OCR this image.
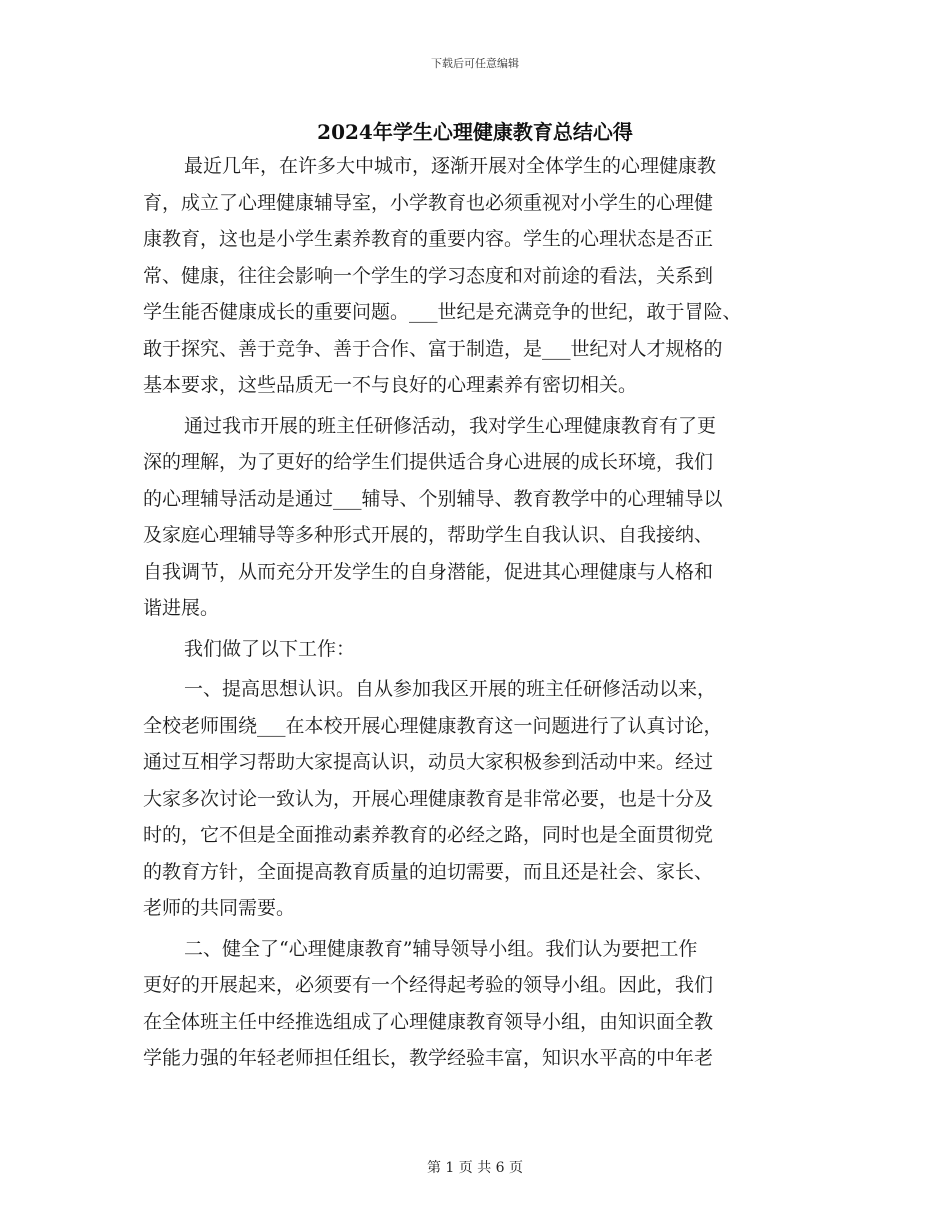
下载后可任意编辑
2024年学生心理健康教育总结心得
最近几年，在许多大中城市，逐渐开展对全体学生的心理健康教
育，成立了心理健康辅导室，小学教育也必须重视对小学生的心理健
康教育，这也是小学生素养教育的重要内容。学生的心理状态是否正
常、健康，往往会影响一个学生的学习态度和对前途的看法，关系到
学生能否健康成长的重要问题。___世纪是充满竞争的世纪，敢于冒险、
敢于探究、善于竞争、善于合作、富于制造，是___世纪对人才规格的
基本要求，这些品质无一不与良好的心理素养有密切相关。
通过我市开展的班主任研修活动，我对学生心理健康教育有了更
深的理解，为了更好的给学生们提供适合身心进展的成长环境，我们
的心理辅导活动是通过___辅导、个别辅导、教育教学中的心理辅导以
及家庭心理辅导等多种形式开展的，帮助学生自我认识、自我接纳、
自我调节，从而充分开发学生的自身潜能，促进其心理健康与人格和
谐进展。
我们做了以下工作：
一、提高思想认识。自从参加我区开展的班主任研修活动以来，
全校老师围绕___在本校开展心理健康教育这一问题进行了认真讨论，
通过互相学习帮助大家提高认识，动员大家积极参到活动中来。经过
大家多次讨论一致认为，开展心理健康教育是非常必要，也是十分及
时的，它不但是全面推动素养教育的必经之路，同时也是全面贯彻党
的教育方针，全面提高教育质量的迫切需要，而且还是社会、家长、
老师的共同需要。
二、健全了“心理健康教育”辅导领导小组。我们认为要把工作
更好的开展起来，必须要有一个经得起考验的领导小组。因此，我们
在全体班主任中经推选组成了心理健康教育领导小组，由知识面全教
学能力强的年轻老师担任组长，教学经验丰富，知识水平高的中年老
第 1 页 共 6 页
